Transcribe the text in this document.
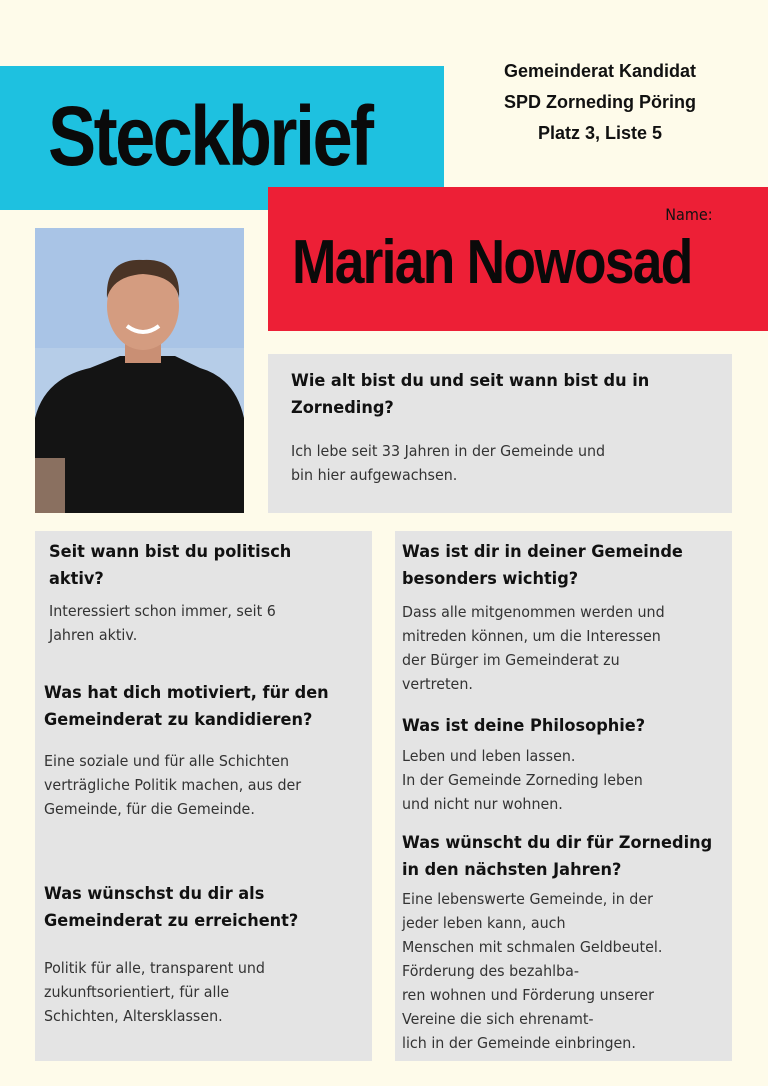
Steckbrief
Gemeinderat Kandidat
SPD Zorneding Pöring
Platz 3, Liste 5
Name:
Marian Nowosad
Wie alt bist du und seit wann bist du in
Zorneding?
Ich lebe seit 33 Jahren in der Gemeinde und
bin hier aufgewachsen.
Seit wann bist du politisch
aktiv?
Interessiert schon immer, seit 6
Jahren aktiv.
Was hat dich motiviert, für den
Gemeinderat zu kandidieren?
Eine soziale und für alle Schichten
verträgliche Politik machen, aus der
Gemeinde, für die Gemeinde.
Was wünschst du dir als
Gemeinderat zu erreichent?
Politik für alle, transparent und
zukunftsorientiert, für alle
Schichten, Altersklassen.
Was ist dir in deiner Gemeinde
besonders wichtig?
Dass alle mitgenommen werden und
mitreden können, um die Interessen
der Bürger im Gemeinderat zu
vertreten.
Was ist deine Philosophie?
Leben und leben lassen.
In der Gemeinde Zorneding leben
und nicht nur wohnen.
Was wünscht du dir für Zorneding
in den nächsten Jahren?
Eine lebenswerte Gemeinde, in der
jeder leben kann, auch
Menschen mit schmalen Geldbeutel.
Förderung des bezahlba-
ren wohnen und Förderung unserer
Vereine die sich ehrenamt-
lich in der Gemeinde einbringen.
